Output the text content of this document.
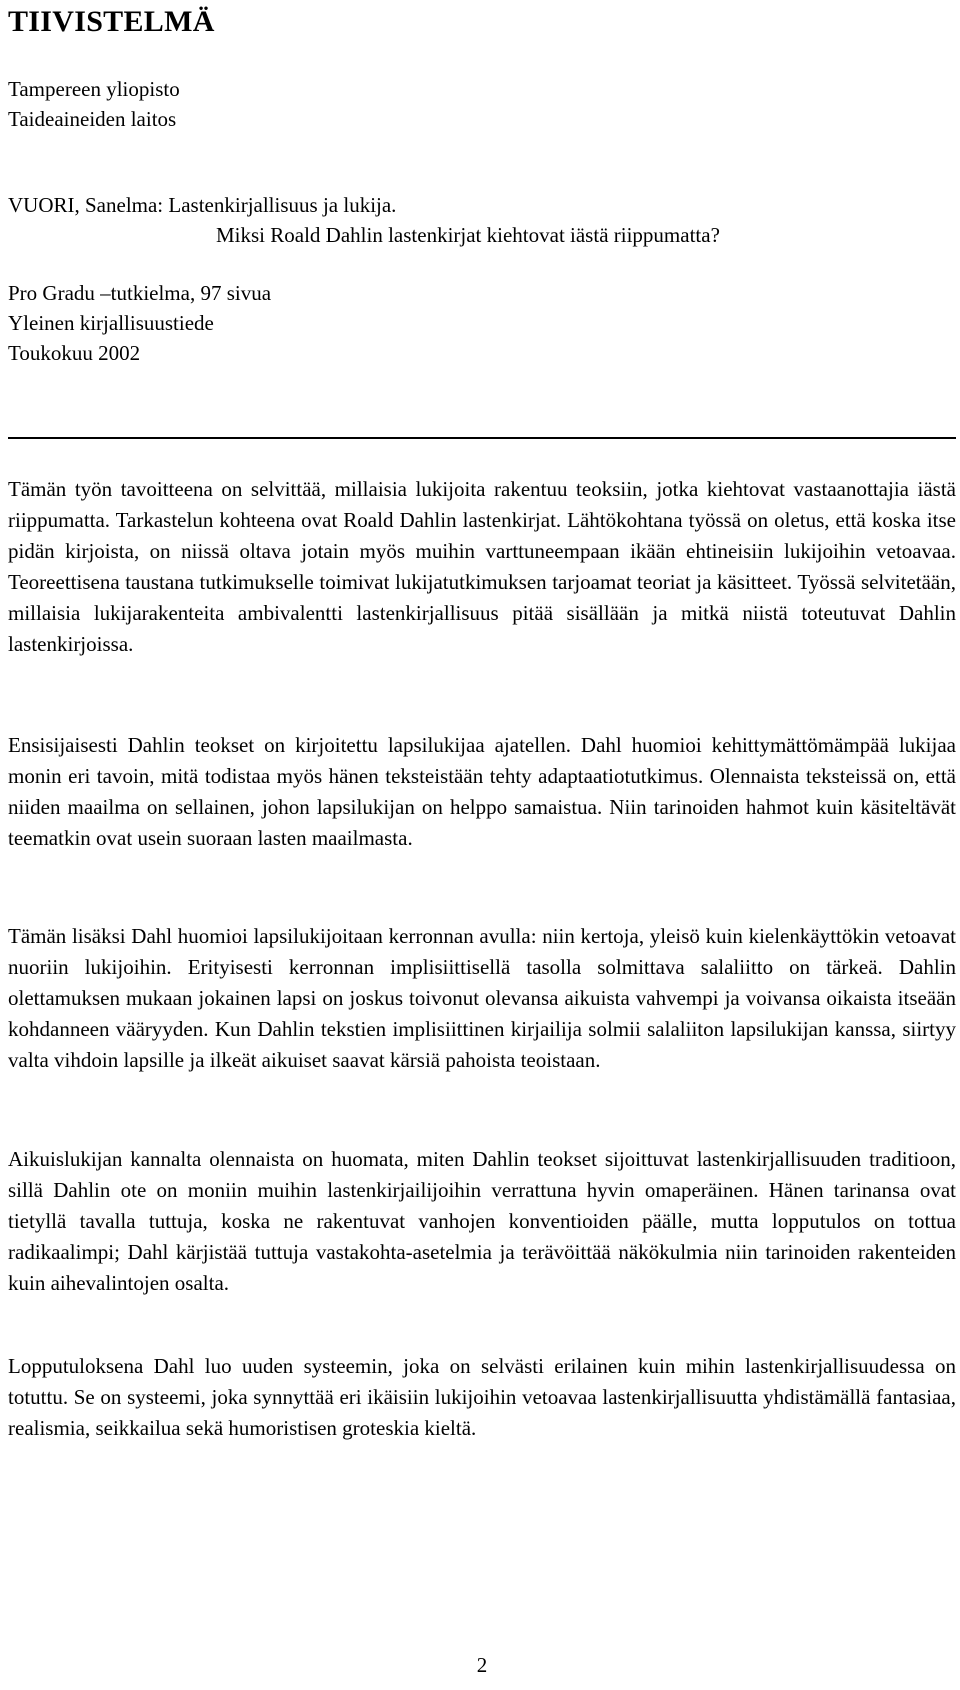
TIIVISTELMÄ

Tampereen yliopisto

Taideaineiden laitos

VUORI, Sanelma: Lastenkirjallisuus ja lukija.

Miksi Roald Dahlin lastenkirjat kiehtovat iästä riippumatta?

Pro Gradu –tutkielma, 97 sivua

Yleinen kirjallisuustiede

Toukokuu 2002

Tämän työn tavoitteena on selvittää, millaisia lukijoita rakentuu teoksiin, jotka kiehtovat vastaanottajia iästä riippumatta. Tarkastelun kohteena ovat Roald Dahlin lastenkirjat. Lähtökohtana työssä on oletus, että koska itse pidän kirjoista, on niissä oltava jotain myös muihin varttuneempaan ikään ehtineisiin lukijoihin vetoavaa. Teoreettisena taustana tutkimukselle toimivat lukijatutkimuksen tarjoamat teoriat ja käsitteet. Työssä selvitetään, millaisia lukijarakenteita ambivalentti lastenkirjallisuus pitää sisällään ja mitkä niistä toteutuvat Dahlin lastenkirjoissa.

Ensisijaisesti Dahlin teokset on kirjoitettu lapsilukijaa ajatellen. Dahl huomioi kehittymättömämpää lukijaa monin eri tavoin, mitä todistaa myös hänen teksteistään tehty adaptaatiotutkimus. Olennaista teksteissä on, että niiden maailma on sellainen, johon lapsilukijan on helppo samaistua. Niin tarinoiden hahmot kuin käsiteltävät teematkin ovat usein suoraan lasten maailmasta.

Tämän lisäksi Dahl huomioi lapsilukijoitaan kerronnan avulla: niin kertoja, yleisö kuin kielenkäyttökin vetoavat nuoriin lukijoihin. Erityisesti kerronnan implisiittisellä tasolla solmittava salaliitto on tärkeä. Dahlin olettamuksen mukaan jokainen lapsi on joskus toivonut olevansa aikuista vahvempi ja voivansa oikaista itseään kohdanneen vääryyden. Kun Dahlin tekstien implisiittinen kirjailija solmii salaliiton lapsilukijan kanssa, siirtyy valta vihdoin lapsille ja ilkeät aikuiset saavat kärsiä pahoista teoistaan.

Aikuislukijan kannalta olennaista on huomata, miten Dahlin teokset sijoittuvat lastenkirjallisuuden traditioon, sillä Dahlin ote on moniin muihin lastenkirjailijoihin verrattuna hyvin omaperäinen. Hänen tarinansa ovat tietyllä tavalla tuttuja, koska ne rakentuvat vanhojen konventioiden päälle, mutta lopputulos on tottua radikaalimpi; Dahl kärjistää tuttuja vastakohta-asetelmia ja terävöittää näkökulmia niin tarinoiden rakenteiden kuin aihevalintojen osalta.

Lopputuloksena Dahl luo uuden systeemin, joka on selvästi erilainen kuin mihin lastenkirjallisuudessa on totuttu. Se on systeemi, joka synnyttää eri ikäisiin lukijoihin vetoavaa lastenkirjallisuutta yhdistämällä fantasiaa, realismia, seikkailua sekä humoristisen groteskia kieltä.

2
